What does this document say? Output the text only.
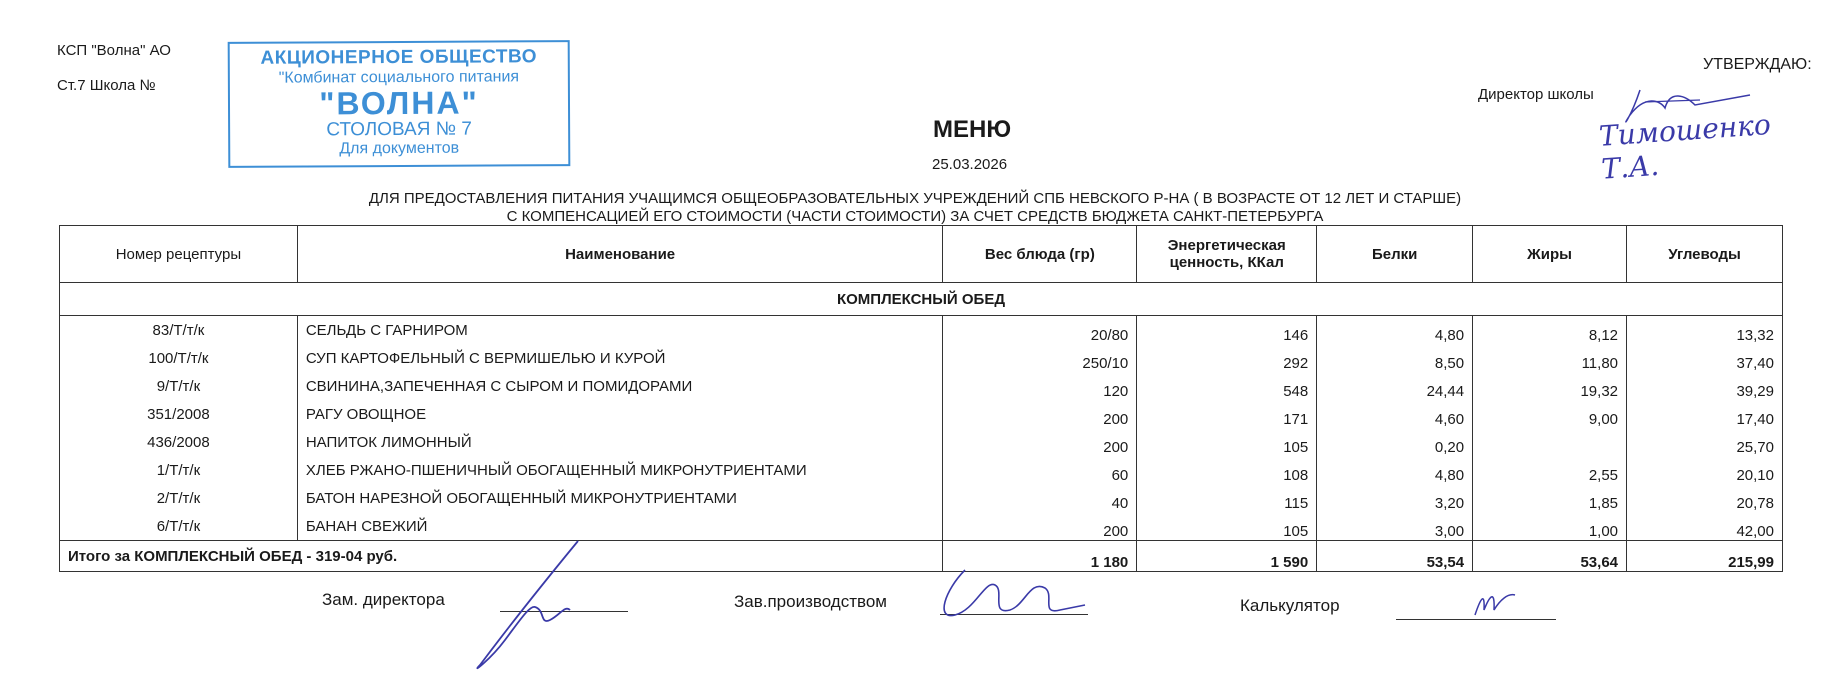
КСП "Волна" АО
Ст.7 Школа №
АКЦИОНЕРНОЕ ОБЩЕСТВО
"Комбинат социального питания
"ВОЛНА"
СТОЛОВАЯ № 7
Для документов
УТВЕРЖДАЮ:
Директор школы
Тимошенко Т.А.
МЕНЮ
25.03.2026
ДЛЯ ПРЕДОСТАВЛЕНИЯ ПИТАНИЯ УЧАЩИМСЯ ОБЩЕОБРАЗОВАТЕЛЬНЫХ УЧРЕЖДЕНИЙ СПБ НЕВСКОГО Р-НА ( В ВОЗРАСТЕ ОТ 12 ЛЕТ И СТАРШЕ)
С КОМПЕНСАЦИЕЙ ЕГО СТОИМОСТИ (ЧАСТИ СТОИМОСТИ) ЗА СЧЕТ СРЕДСТВ БЮДЖЕТА САНКТ-ПЕТЕРБУРГА
Номер рецептуры	Наименование	Вес блюда (гр)	Энергетическая ценность, ККал	Белки	Жиры	Углеводы
КОМПЛЕКСНЫЙ ОБЕД						
83/Т/т/к	СЕЛЬДЬ С ГАРНИРОМ	20/80	146	4,80	8,12	13,32
100/Т/т/к	СУП КАРТОФЕЛЬНЫЙ С ВЕРМИШЕЛЬЮ И КУРОЙ	250/10	292	8,50	11,80	37,40
9/Т/т/к	СВИНИНА,ЗАПЕЧЕННАЯ С СЫРОМ И ПОМИДОРАМИ	120	548	24,44	19,32	39,29
351/2008	РАГУ ОВОЩНОЕ	200	171	4,60	9,00	17,40
436/2008	НАПИТОК ЛИМОННЫЙ	200	105	0,20		25,70
1/Т/т/к	ХЛЕБ РЖАНО-ПШЕНИЧНЫЙ ОБОГАЩЕННЫЙ МИКРОНУТРИЕНТАМИ	60	108	4,80	2,55	20,10
2/Т/т/к	БАТОН НАРЕЗНОЙ ОБОГАЩЕННЫЙ МИКРОНУТРИЕНТАМИ	40	115	3,20	1,85	20,78
6/Т/т/к	БАНАН СВЕЖИЙ	200	105	3,00	1,00	42,00
Итого за КОМПЛЕКСНЫЙ ОБЕД - 319-04 руб.		1 180	1 590	53,54	53,64	215,99
Зам. директора	Зав.производством	Калькулятор
